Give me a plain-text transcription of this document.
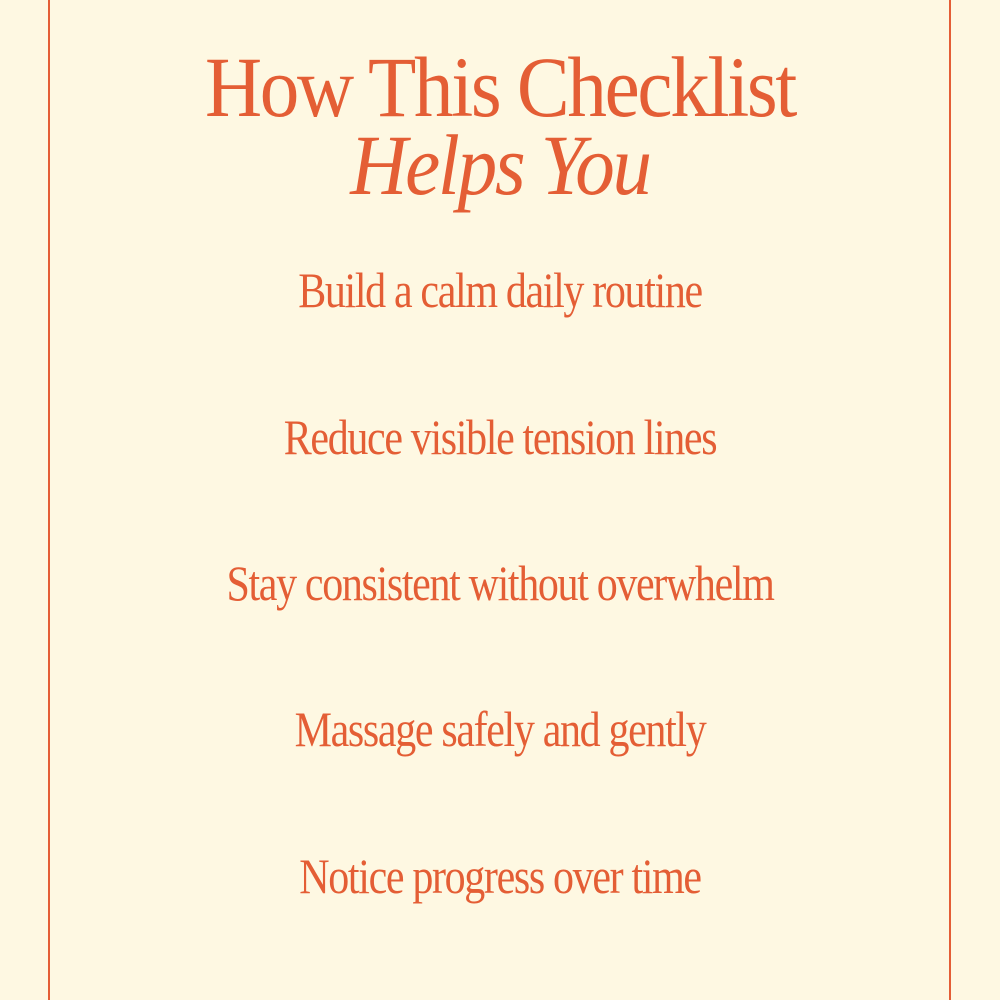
How This Checklist
Helps You
Build a calm daily routine
Reduce visible tension lines
Stay consistent without overwhelm
Massage safely and gently
Notice progress over time
